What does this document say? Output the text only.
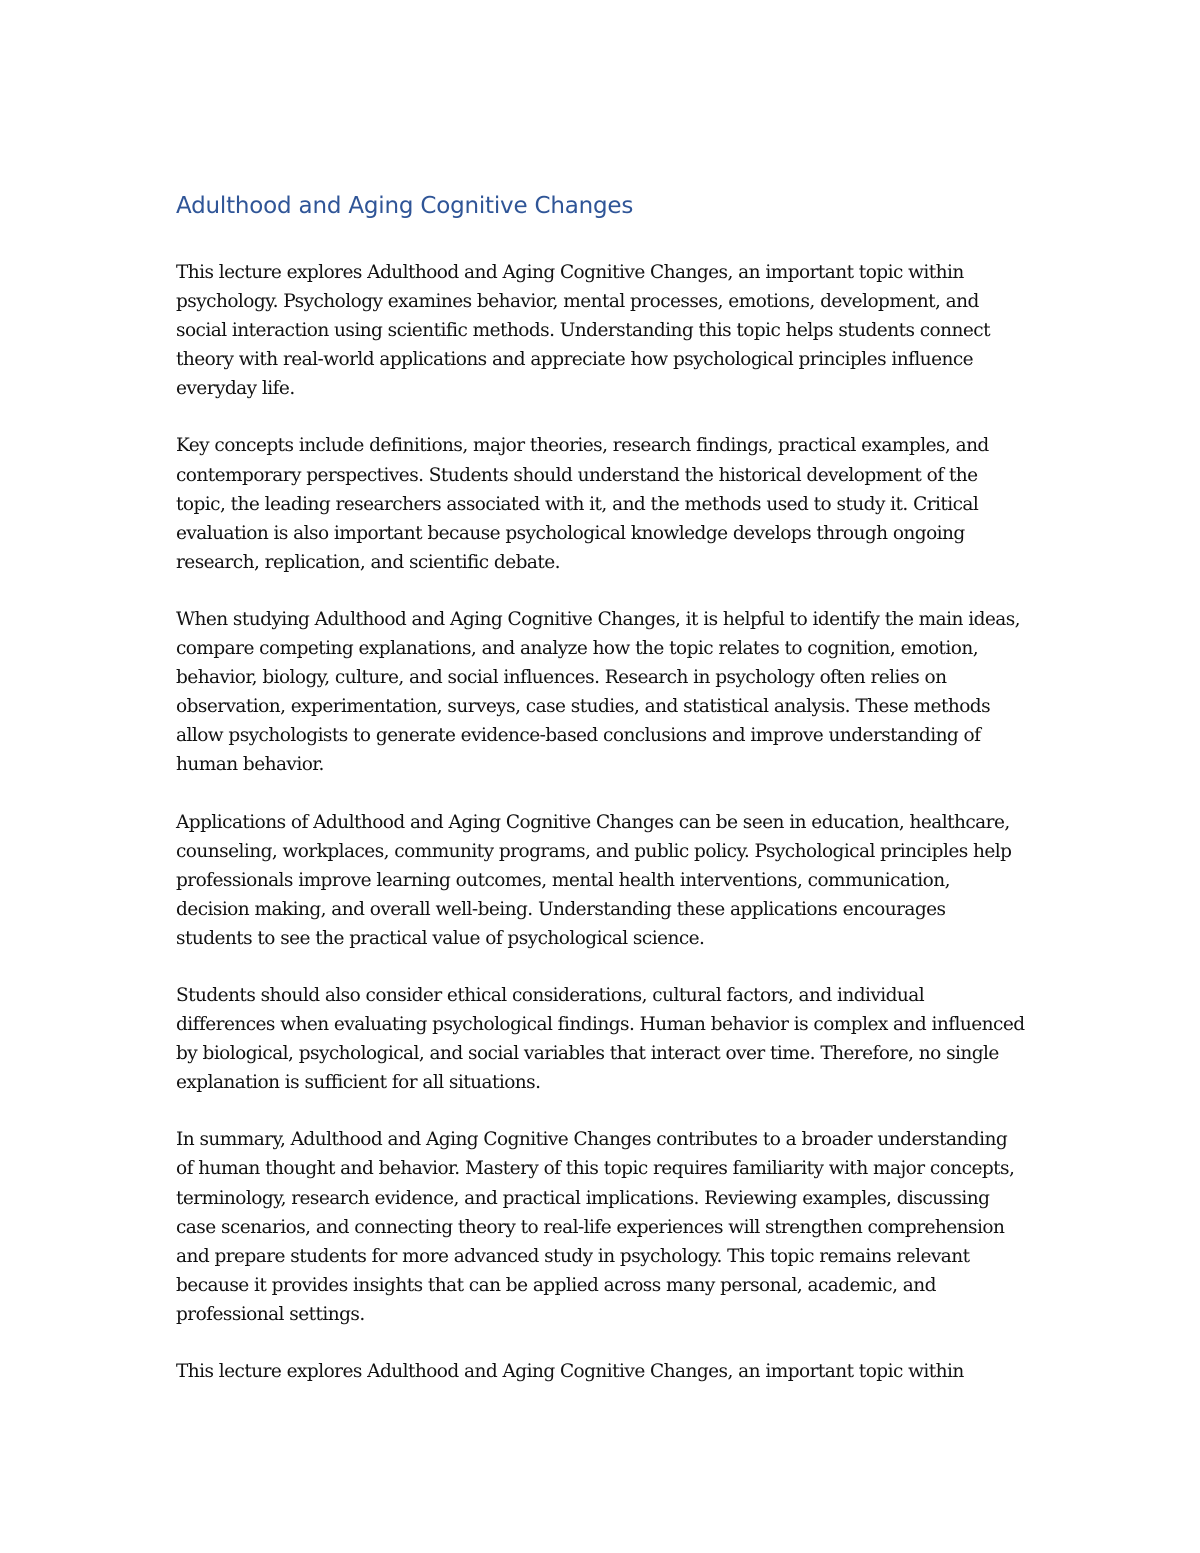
Adulthood and Aging Cognitive Changes

This lecture explores Adulthood and Aging Cognitive Changes, an important topic within psychology. Psychology examines behavior, mental processes, emotions, development, and social interaction using scientific methods. Understanding this topic helps students connect theory with real-world applications and appreciate how psychological principles influence everyday life.

Key concepts include definitions, major theories, research findings, practical examples, and contemporary perspectives. Students should understand the historical development of the topic, the leading researchers associated with it, and the methods used to study it. Critical evaluation is also important because psychological knowledge develops through ongoing research, replication, and scientific debate.

When studying Adulthood and Aging Cognitive Changes, it is helpful to identify the main ideas, compare competing explanations, and analyze how the topic relates to cognition, emotion, behavior, biology, culture, and social influences. Research in psychology often relies on observation, experimentation, surveys, case studies, and statistical analysis. These methods allow psychologists to generate evidence-based conclusions and improve understanding of human behavior.

Applications of Adulthood and Aging Cognitive Changes can be seen in education, healthcare, counseling, workplaces, community programs, and public policy. Psychological principles help professionals improve learning outcomes, mental health interventions, communication, decision making, and overall well-being. Understanding these applications encourages students to see the practical value of psychological science.

Students should also consider ethical considerations, cultural factors, and individual differences when evaluating psychological findings. Human behavior is complex and influenced by biological, psychological, and social variables that interact over time. Therefore, no single explanation is sufficient for all situations.

In summary, Adulthood and Aging Cognitive Changes contributes to a broader understanding of human thought and behavior. Mastery of this topic requires familiarity with major concepts, terminology, research evidence, and practical implications. Reviewing examples, discussing case scenarios, and connecting theory to real-life experiences will strengthen comprehension and prepare students for more advanced study in psychology. This topic remains relevant because it provides insights that can be applied across many personal, academic, and professional settings.

This lecture explores Adulthood and Aging Cognitive Changes, an important topic within
